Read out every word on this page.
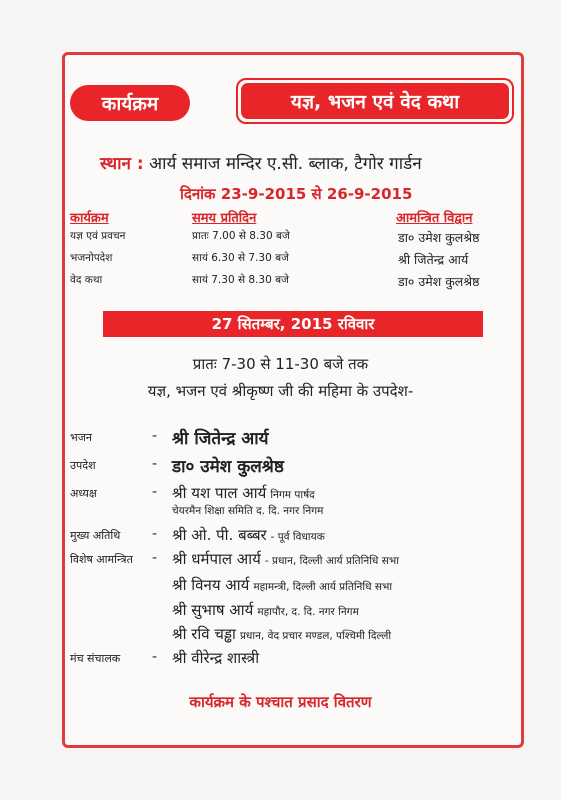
कार्यक्रम	यज्ञ, भजन एवं वेद कथा
स्थान : आर्य समाज मन्दिर ए.सी. ब्लाक, टैगोर गार्डन
दिनांक 23-9-2015 से 26-9-2015
कार्यक्रम	समय प्रतिदिन	आमन्त्रित विद्वान
यज्ञ एवं प्रवचन	प्रातः 7.00 से 8.30 बजे	डा० उमेश कुलश्रेष्ठ
भजनोपदेश	सायं 6.30 से 7.30 बजे	श्री जितेन्द्र आर्य
वेद कथा	सायं 7.30 से 8.30 बजे	डा० उमेश कुलश्रेष्ठ
27 सितम्बर, 2015 रविवार
प्रातः 7-30 से 11-30 बजे तक
यज्ञ, भजन एवं श्रीकृष्ण जी की महिमा के उपदेश-
भजन	- श्री जितेन्द्र आर्य
उपदेश	- डा० उमेश कुलश्रेष्ठ
अध्यक्ष	- श्री यश पाल आर्य निगम पार्षद
चेयरमैन शिक्षा समिति द. दि. नगर निगम
मुख्य अतिथि - श्री ओ. पी. बब्बर - पूर्व विधायक
विशेष आमन्त्रित - श्री धर्मपाल आर्य - प्रधान, दिल्ली आर्य प्रतिनिधि सभा
श्री विनय आर्य महामन्त्री, दिल्ली आर्य प्रतिनिधि सभा
श्री सुभाष आर्य महापौर, द. दि. नगर निगम
श्री रवि चड्ढा प्रधान, वेद प्रचार मण्डल, पश्चिमी दिल्ली
मंच संचालक - श्री वीरेन्द्र शास्त्री
कार्यक्रम के पश्चात प्रसाद वितरण
